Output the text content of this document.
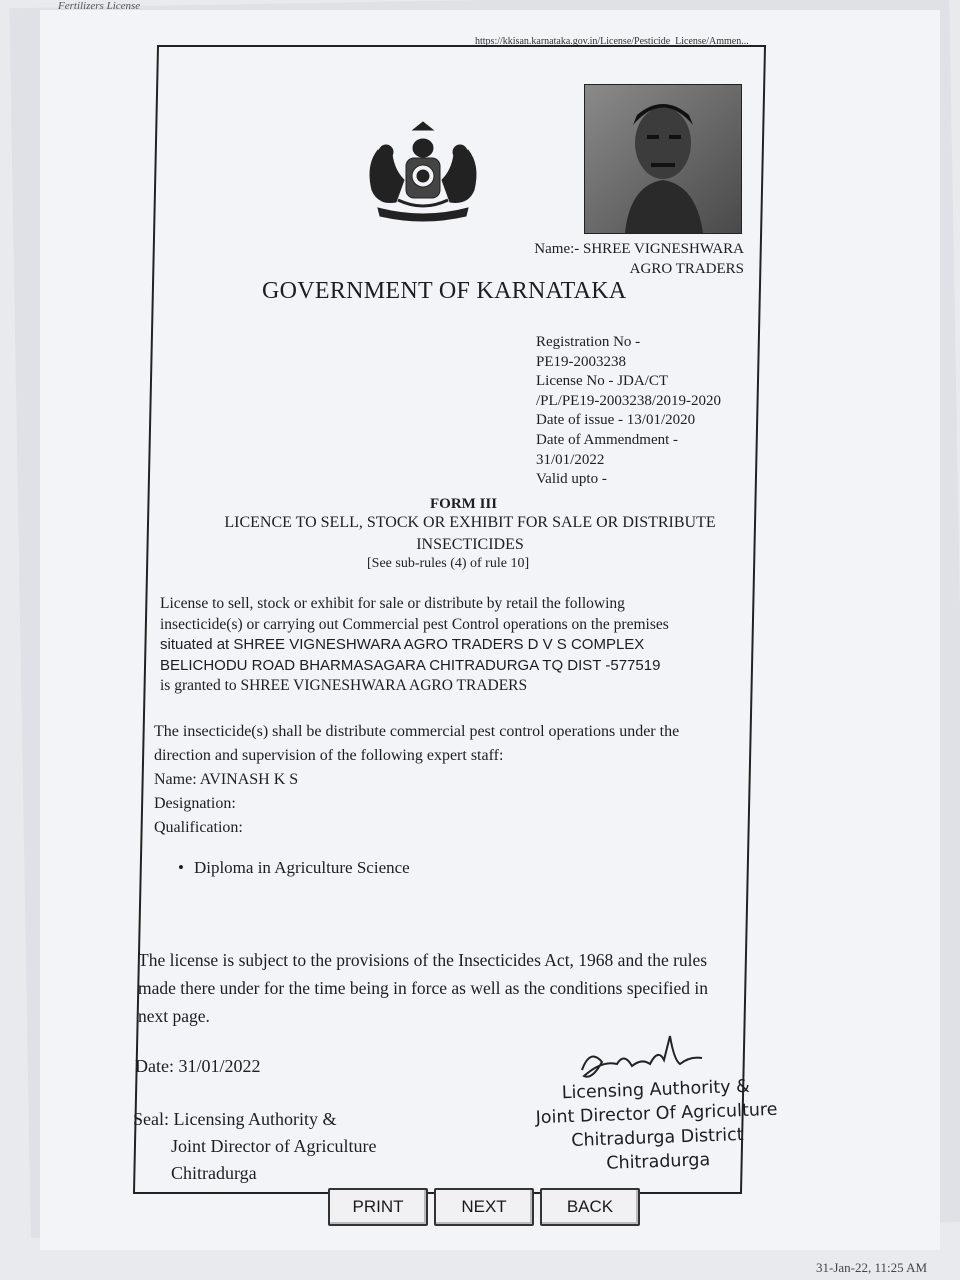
Fertilizers License
https://kkisan.karnataka.gov.in/License/Pesticide_License/Ammen...
Name:- SHREE VIGNESHWARA
AGRO TRADERS
GOVERNMENT OF KARNATAKA
Registration No -
PE19-2003238
License No - JDA/CT
/PL/PE19-2003238/2019-2020
Date of issue - 13/01/2020
Date of Ammendment -
31/01/2022
Valid upto -
FORM III
LICENCE TO SELL, STOCK OR EXHIBIT FOR SALE OR DISTRIBUTE
INSECTICIDES
[See sub-rules (4) of rule 10]
License to sell, stock or exhibit for sale or distribute by retail the following
insecticide(s) or carrying out Commercial pest Control operations on the premises
situated at SHREE VIGNESHWARA AGRO TRADERS D V S COMPLEX
BELICHODU ROAD BHARMASAGARA CHITRADURGA TQ DIST -577519
is granted to SHREE VIGNESHWARA AGRO TRADERS
The insecticide(s) shall be distribute commercial pest control operations under the
direction and supervision of the following expert staff:
Name: AVINASH K S
Designation:
Qualification:
• Diploma in Agriculture Science
The license is subject to the provisions of the Insecticides Act, 1968 and the rules
made there under for the time being in force as well as the conditions specified in
next page.
Date: 31/01/2022
Seal: Licensing Authority &
Joint Director of Agriculture
Chitradurga
Licensing Authority &
Joint Director Of Agriculture
Chitradurga District
Chitradurga
PRINT	NEXT	BACK
31-Jan-22, 11:25 AM
